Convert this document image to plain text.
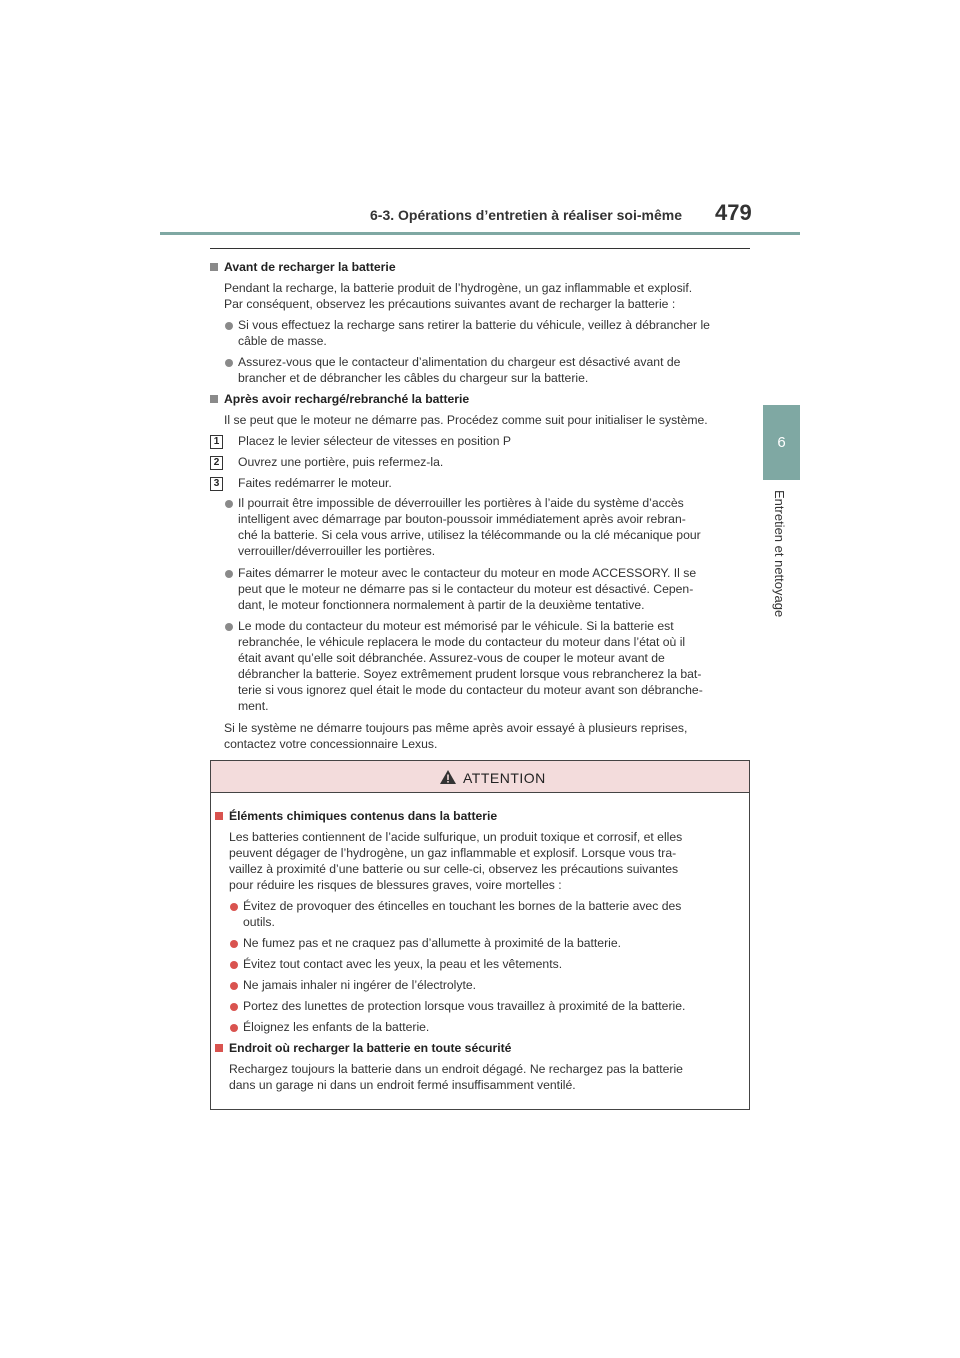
6-3. Opérations d’entretien à réaliser soi-même 479
6
Entretien et nettoyage
Avant de recharger la batterie
Pendant la recharge, la batterie produit de l’hydrogène, un gaz inflammable et explosif.
Par conséquent, observez les précautions suivantes avant de recharger la batterie :
Si vous effectuez la recharge sans retirer la batterie du véhicule, veillez à débrancher le
câble de masse.
Assurez-vous que le contacteur d’alimentation du chargeur est désactivé avant de
brancher et de débrancher les câbles du chargeur sur la batterie.
Après avoir rechargé/rebranché la batterie
Il se peut que le moteur ne démarre pas. Procédez comme suit pour initialiser le système.
1	Placez le levier sélecteur de vitesses en position P
2	Ouvrez une portière, puis refermez-la.
3	Faites redémarrer le moteur.
Il pourrait être impossible de déverrouiller les portières à l’aide du système d’accès
intelligent avec démarrage par bouton-poussoir immédiatement après avoir rebran-
ché la batterie. Si cela vous arrive, utilisez la télécommande ou la clé mécanique pour
verrouiller/déverrouiller les portières.
Faites démarrer le moteur avec le contacteur du moteur en mode ACCESSORY. Il se
peut que le moteur ne démarre pas si le contacteur du moteur est désactivé. Cepen-
dant, le moteur fonctionnera normalement à partir de la deuxième tentative.
Le mode du contacteur du moteur est mémorisé par le véhicule. Si la batterie est
rebranchée, le véhicule replacera le mode du contacteur du moteur dans l’état où il
était avant qu’elle soit débranchée. Assurez-vous de couper le moteur avant de
débrancher la batterie. Soyez extrêmement prudent lorsque vous rebrancherez la bat-
terie si vous ignorez quel était le mode du contacteur du moteur avant son débranche-
ment.
Si le système ne démarre toujours pas même après avoir essayé à plusieurs reprises,
contactez votre concessionnaire Lexus.
ATTENTION
Éléments chimiques contenus dans la batterie
Les batteries contiennent de l’acide sulfurique, un produit toxique et corrosif, et elles
peuvent dégager de l’hydrogène, un gaz inflammable et explosif. Lorsque vous tra-
vaillez à proximité d’une batterie ou sur celle-ci, observez les précautions suivantes
pour réduire les risques de blessures graves, voire mortelles :
Évitez de provoquer des étincelles en touchant les bornes de la batterie avec des
outils.
Ne fumez pas et ne craquez pas d’allumette à proximité de la batterie.
Évitez tout contact avec les yeux, la peau et les vêtements.
Ne jamais inhaler ni ingérer de l’électrolyte.
Portez des lunettes de protection lorsque vous travaillez à proximité de la batterie.
Éloignez les enfants de la batterie.
Endroit où recharger la batterie en toute sécurité
Rechargez toujours la batterie dans un endroit dégagé. Ne rechargez pas la batterie
dans un garage ni dans un endroit fermé insuffisamment ventilé.
